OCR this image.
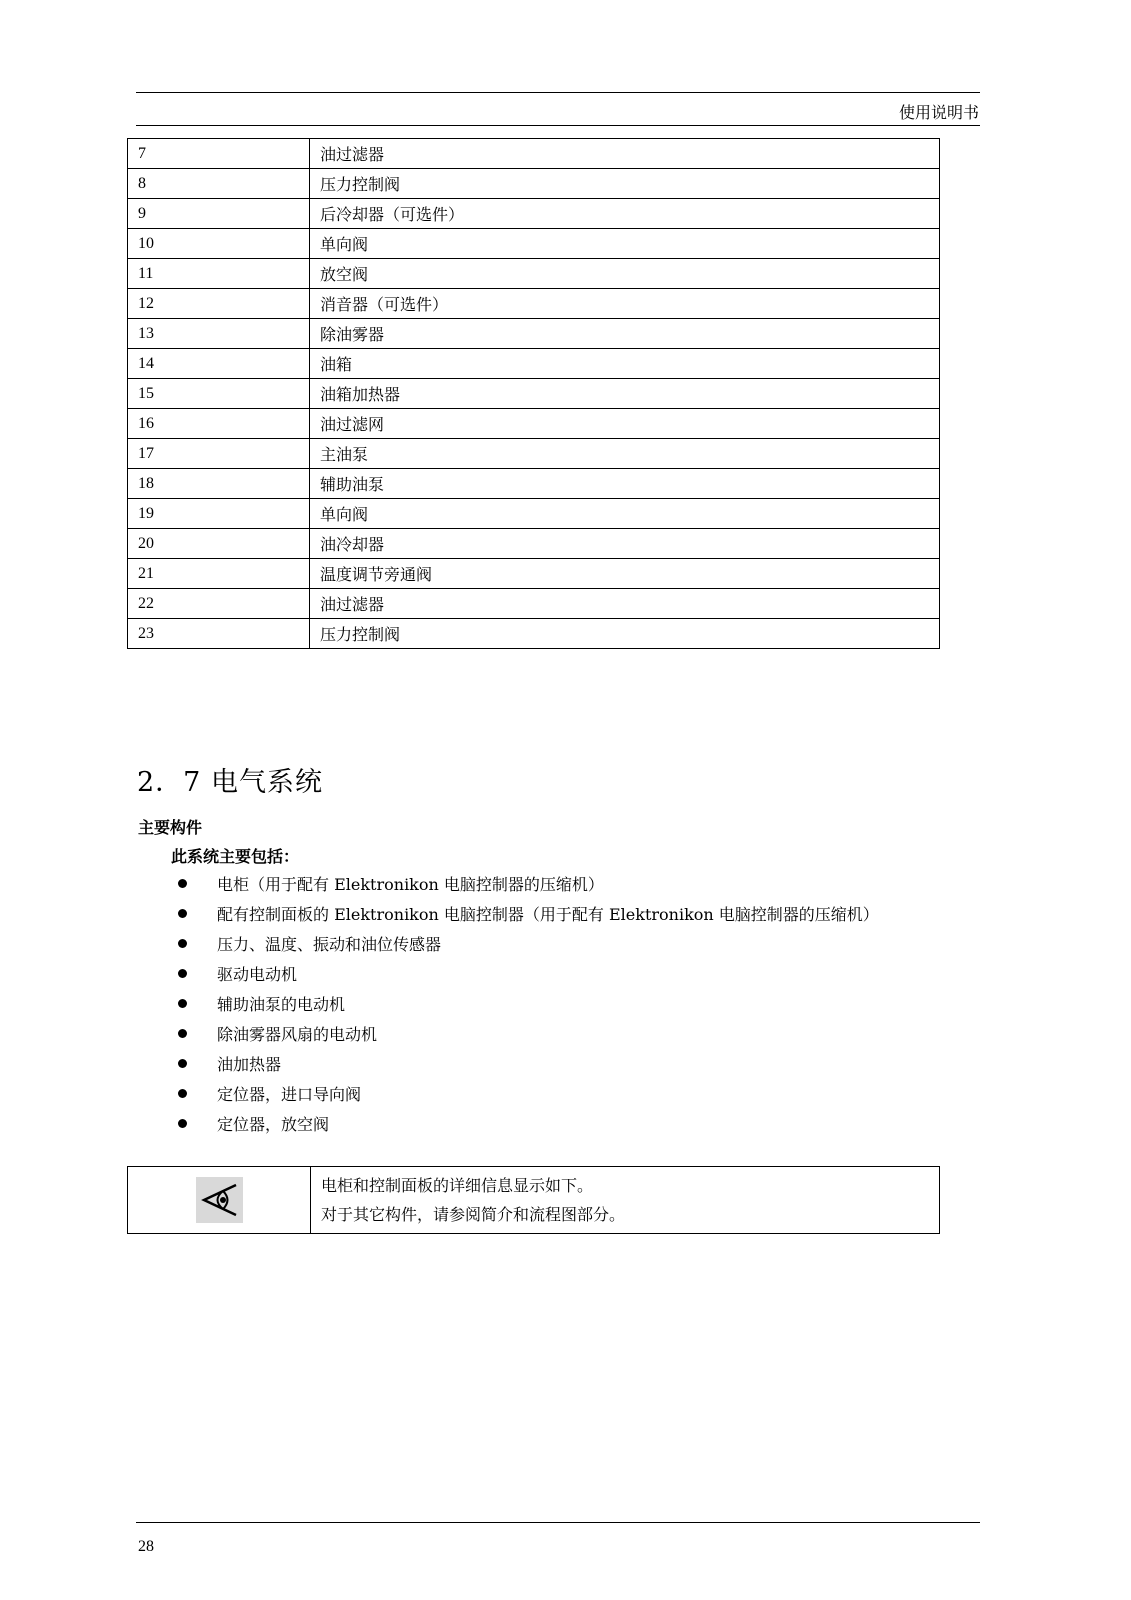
使用说明书
7	油过滤器
8	压力控制阀
9	后冷却器（可选件）
10	单向阀
11	放空阀
12	消音器（可选件）
13	除油雾器
14	油箱
15	油箱加热器
16	油过滤网
17	主油泵
18	辅助油泵
19	单向阀
20	油冷却器
21	温度调节旁通阀
22	油过滤器
23	压力控制阀
2．7 电气系统
主要构件
此系统主要包括：
电柜（用于配有 Elektronikon 电脑控制器的压缩机）
配有控制面板的 Elektronikon 电脑控制器（用于配有 Elektronikon 电脑控制器的压缩机）
压力、温度、振动和油位传感器
驱动电动机
辅助油泵的电动机
除油雾器风扇的电动机
油加热器
定位器，进口导向阀
定位器，放空阀

电柜和控制面板的详细信息显示如下。
对于其它构件，请参阅简介和流程图部分。
28
